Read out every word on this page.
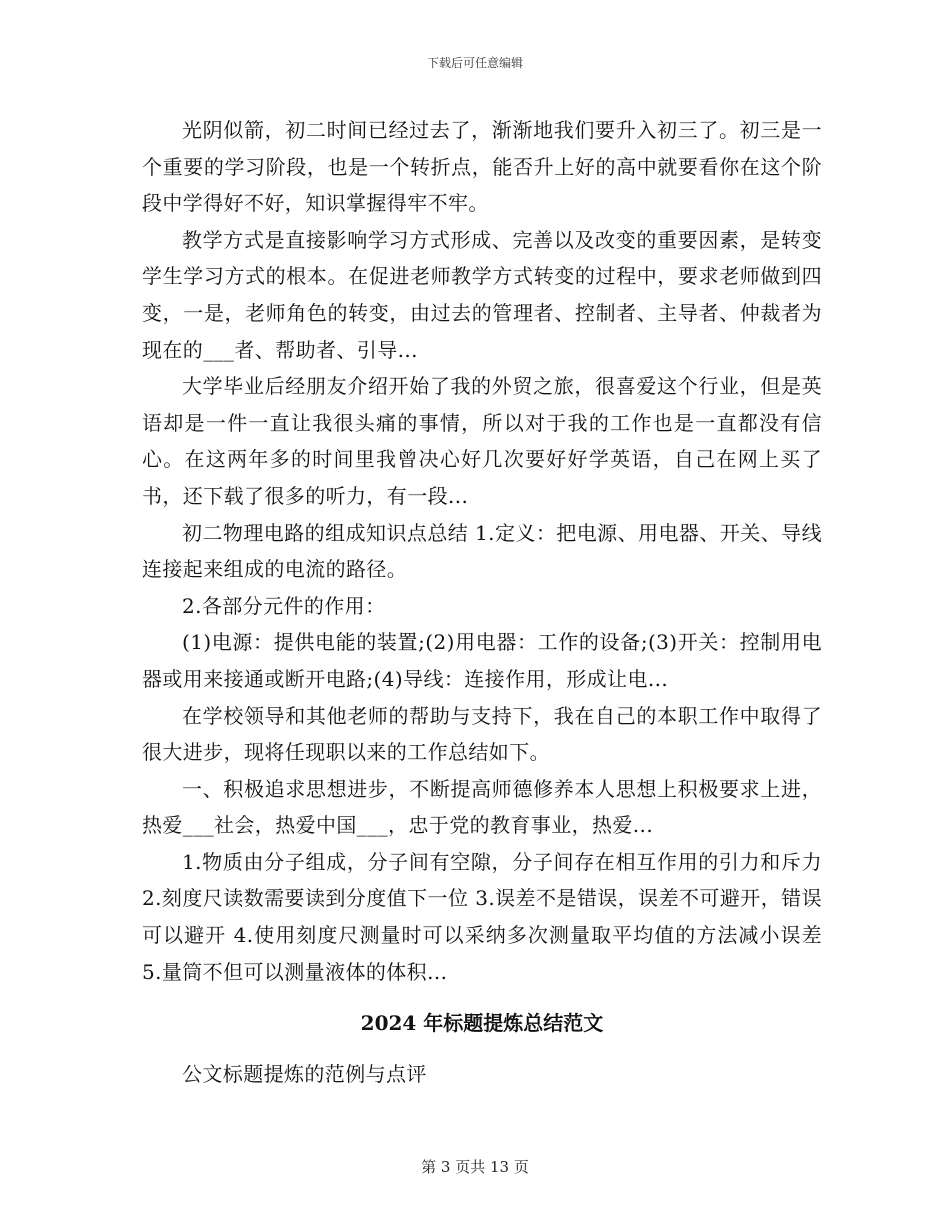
下载后可任意编辑

光阴似箭，初二时间已经过去了，渐渐地我们要升入初三了。初三是一个重要的学习阶段，也是一个转折点，能否升上好的高中就要看你在这个阶段中学得好不好，知识掌握得牢不牢。

教学方式是直接影响学习方式形成、完善以及改变的重要因素，是转变学生学习方式的根本。在促进老师教学方式转变的过程中，要求老师做到四变，一是，老师角色的转变，由过去的管理者、控制者、主导者、仲裁者为现在的___者、帮助者、引导...

大学毕业后经朋友介绍开始了我的外贸之旅，很喜爱这个行业，但是英语却是一件一直让我很头痛的事情，所以对于我的工作也是一直都没有信心。在这两年多的时间里我曾决心好几次要好好学英语，自己在网上买了书，还下载了很多的听力，有一段...

初二物理电路的组成知识点总结 1.定义：把电源、用电器、开关、导线连接起来组成的电流的路径。

2.各部分元件的作用：

(1)电源：提供电能的装置;(2)用电器：工作的设备;(3)开关：控制用电器或用来接通或断开电路;(4)导线：连接作用，形成让电...

在学校领导和其他老师的帮助与支持下，我在自己的本职工作中取得了很大进步，现将任现职以来的工作总结如下。

一、积极追求思想进步，不断提高师德修养本人思想上积极要求上进，热爱___社会，热爱中国___，忠于党的教育事业，热爱...

1.物质由分子组成，分子间有空隙，分子间存在相互作用的引力和斥力 2.刻度尺读数需要读到分度值下一位 3.误差不是错误，误差不可避开，错误可以避开 4.使用刻度尺测量时可以采纳多次测量取平均值的方法减小误差 5.量筒不但可以测量液体的体积...

2024 年标题提炼总结范文

公文标题提炼的范例与点评

第 3 页共 13 页
